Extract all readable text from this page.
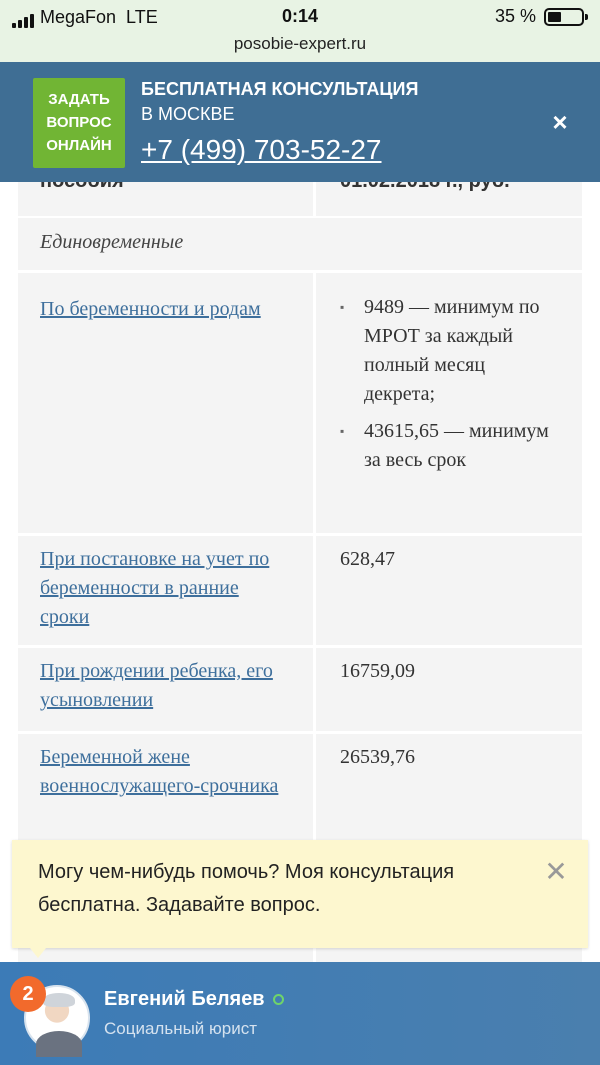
MegaFon LTE	0:14
posobie-expert.ru
35 %
Единовременные
По беременности и родам
▪	9489 — минимум по МРОТ за каждый полный месяц декрета;
▪ 43615,65 — минимум за весь срок
При постановке на учет по беременности в ранние сроки
628,47
При рождении ребенка, его усыновлении
16759,09
Беременной жене военнослужащего-срочника
26539,76
ЗАДАТЬ
ВОПРОС
ОНЛАЙН
БЕСПЛАТНАЯ КОНСУЛЬТАЦИЯ
В МОСКВЕ
+7 (499) 703-52-27
×
Могу чем-нибудь помочь? Моя консультация бесплатна. Задавайте вопрос.
✕
2	Евгений Беляев
Социальный юрист
